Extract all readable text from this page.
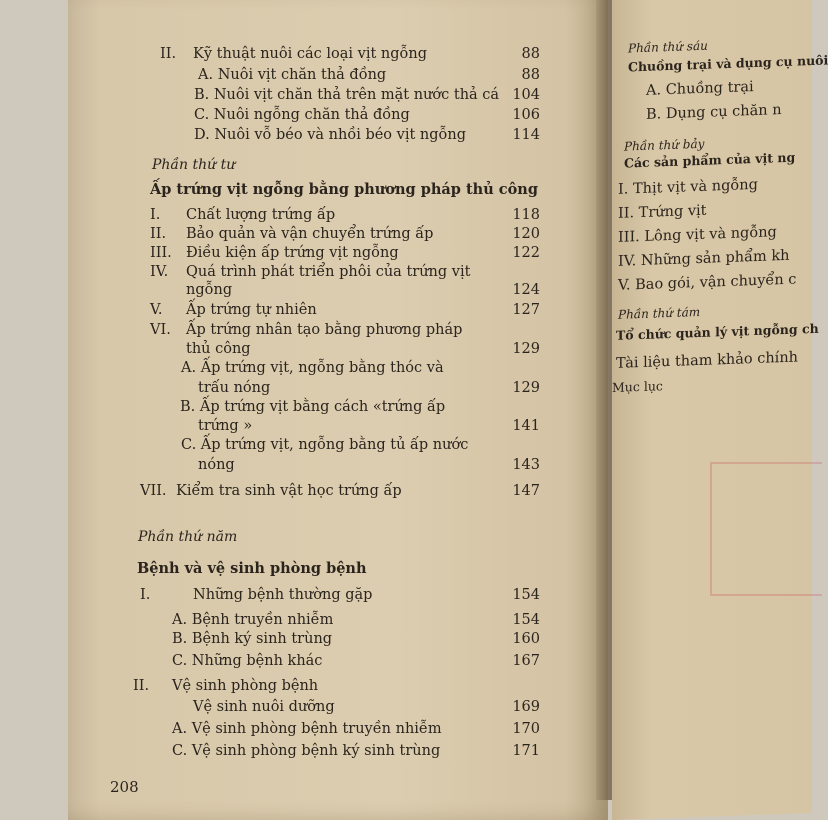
Phần thứ sáu
Chuồng trại và dụng cụ nuôi
A. Chuồng trại
B. Dụng cụ chăn n
Phần thứ bảy
Các sản phẩm của vịt ng
I. Thịt vịt và ngỗng
II. Trứng vịt
III. Lông vịt và ngỗng
IV. Những sản phẩm kh
V. Bao gói, vận chuyển c
Phần thứ tám
Tổ chức quản lý vịt ngỗng ch
Tài liệu tham khảo chính
Mục lục
II. Kỹ thuật nuôi các loại vịt ngỗng	88
A. Nuôi vịt chăn thả đồng	88
B. Nuôi vịt chăn thả trên mặt nước thả cá 104
C. Nuôi ngỗng chăn thả đồng	106
D. Nuôi vỗ béo và nhồi béo vịt ngỗng	114
Phần thứ tư
Ấp trứng vịt ngỗng bằng phương pháp thủ công
I. Chất lượng trứng ấp	118
II. Bảo quản và vận chuyển trứng ấp	120
III. Điều kiện ấp trứng vịt ngỗng	122
IV. Quá trình phát triển phôi của trứng vịt
ngỗng	124
V. Ấp trứng tự nhiên	127
VI. Ấp trứng nhân tạo bằng phương pháp
thủ công	129
A. Ấp trứng vịt, ngỗng bằng thóc và
trấu nóng	129
B. Ấp trứng vịt bằng cách «trứng ấp
trứng »	141
C. Ấp trứng vịt, ngỗng bằng tủ ấp nước
nóng	143
VII. Kiểm tra sinh vật học trứng ấp	147
Phần thứ năm
Bệnh và vệ sinh phòng bệnh
I.	Những bệnh thường gặp	154
A. Bệnh truyền nhiễm	154
B. Bệnh ký sinh trùng	160
C. Những bệnh khác	167
II. Vệ sinh phòng bệnh
Vệ sinh nuôi dưỡng	169
A. Vệ sinh phòng bệnh truyền nhiễm	170
C. Vệ sinh phòng bệnh ký sinh trùng	171
208
